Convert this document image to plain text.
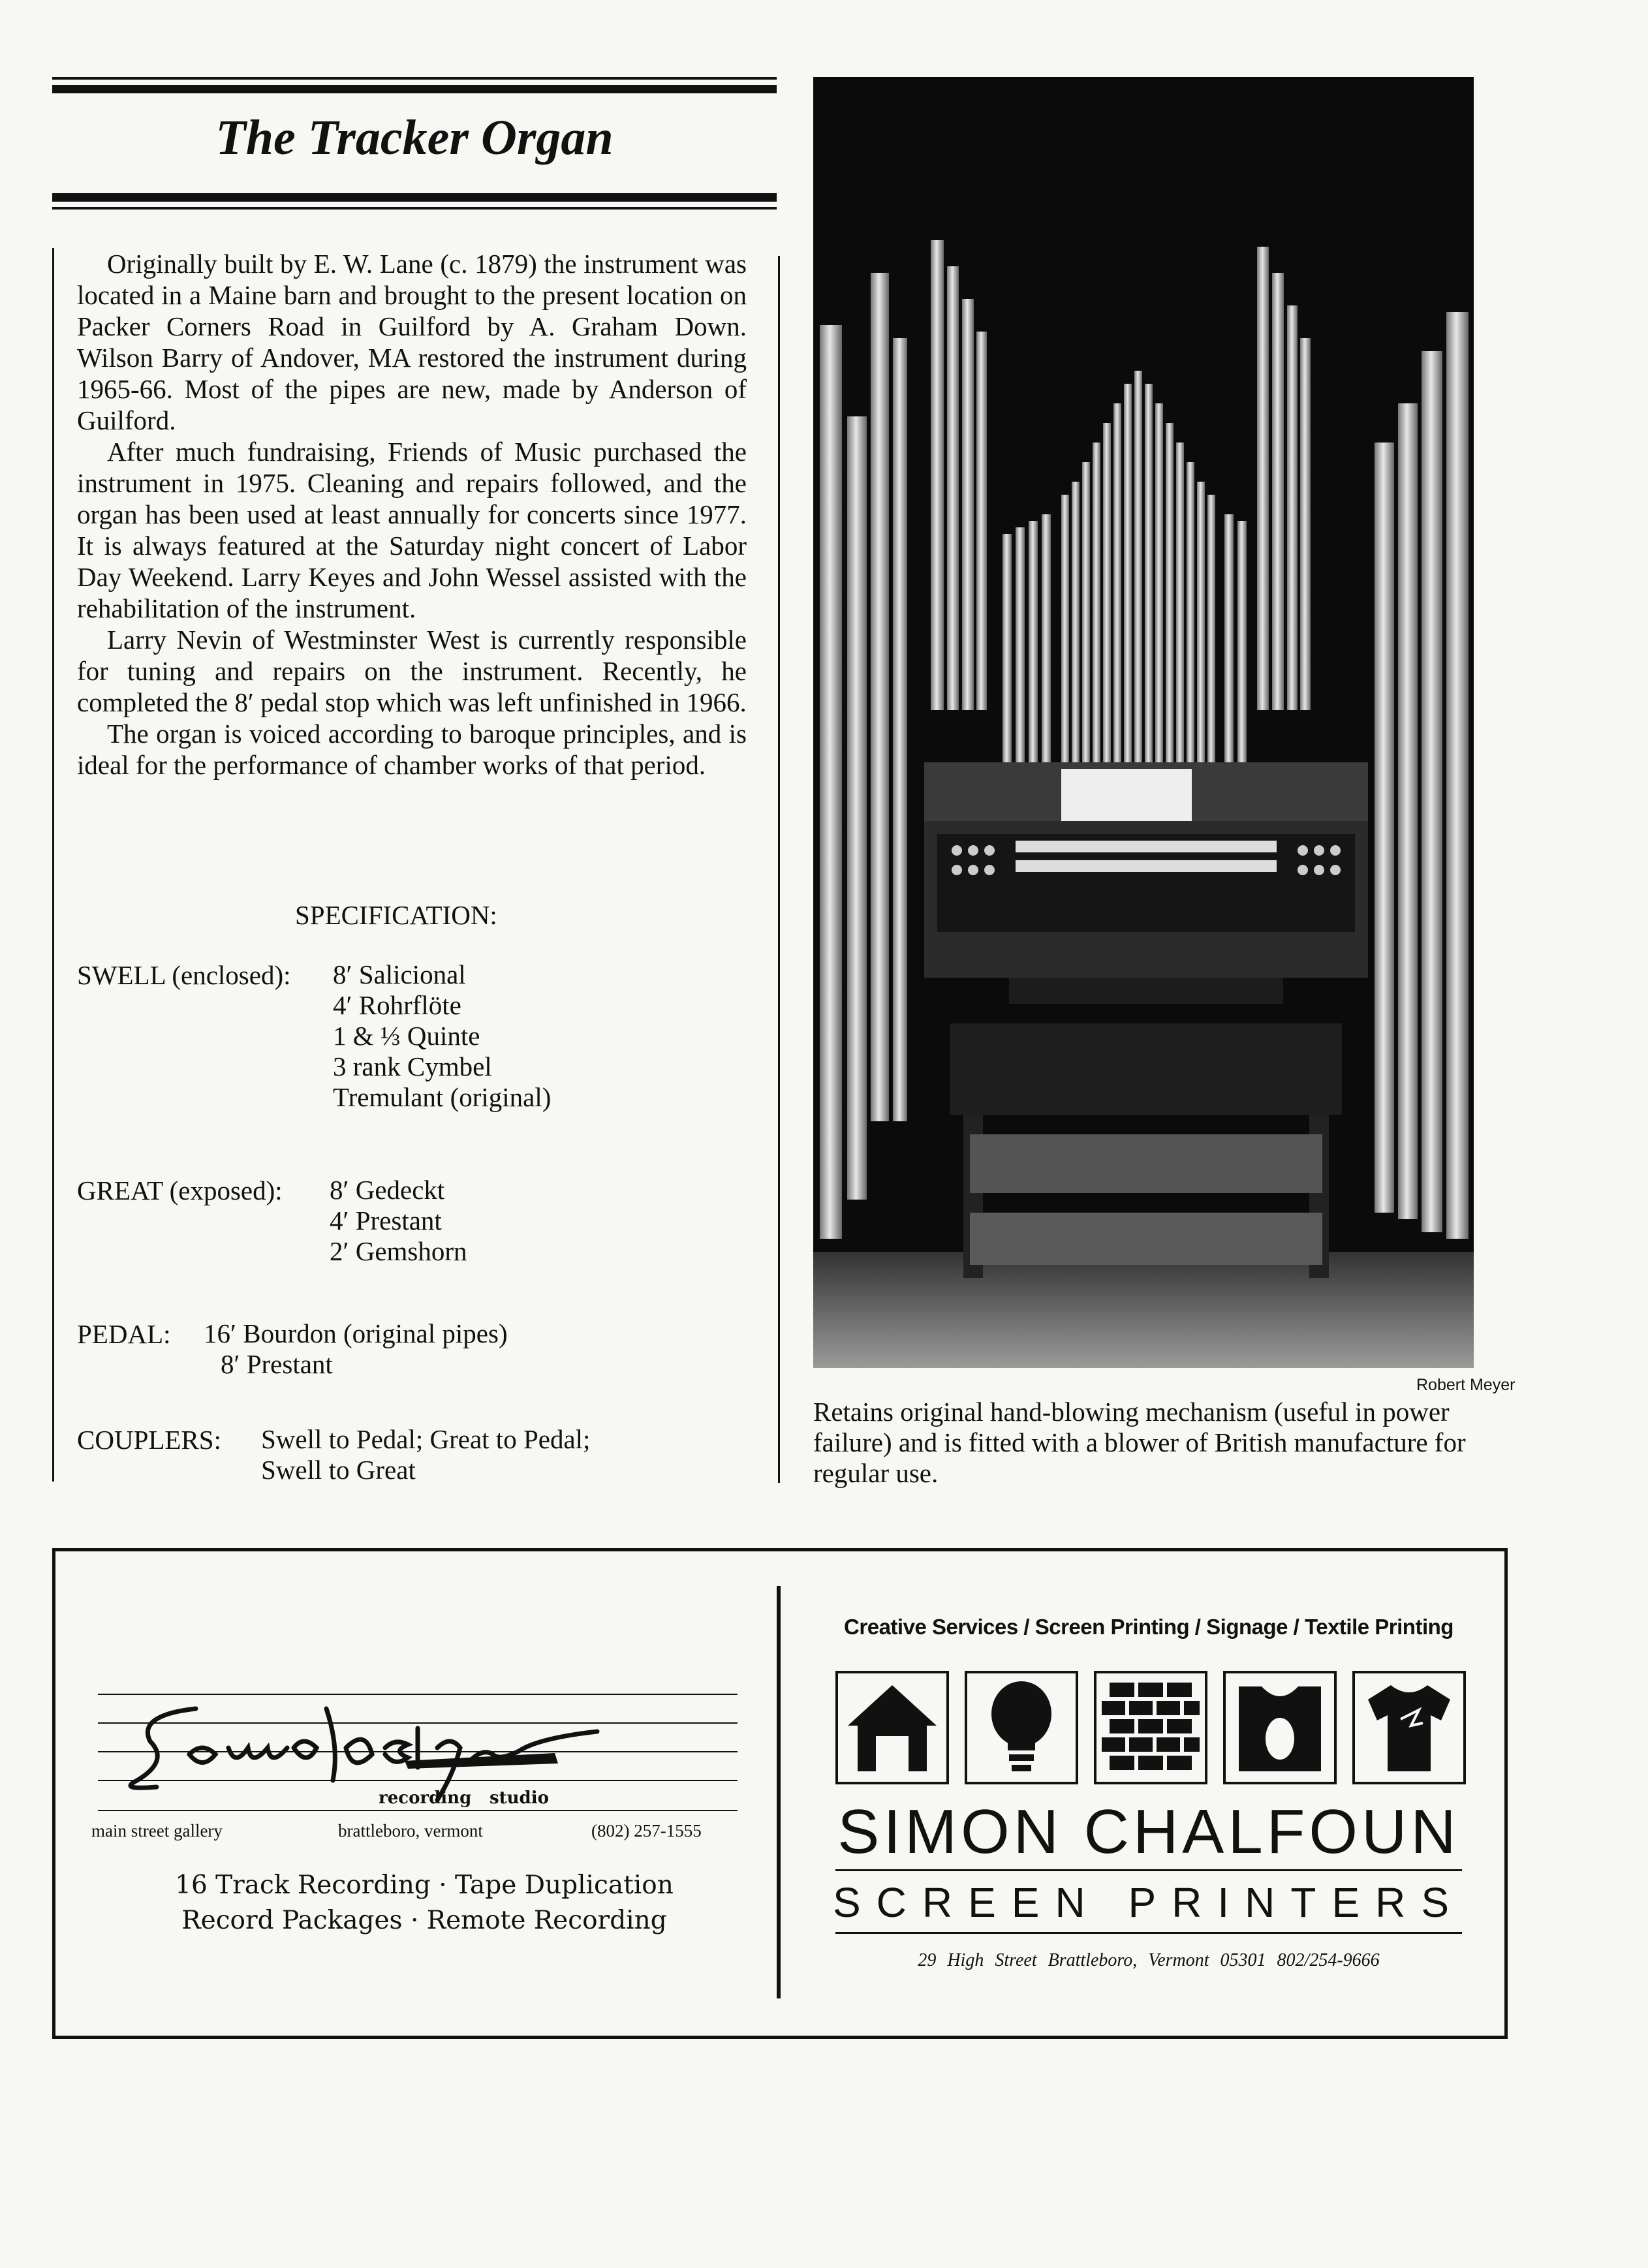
The Tracker Organ

Originally built by E. W. Lane (c. 1879) the instrument was located in a Maine barn and brought to the present location on Packer Corners Road in Guilford by A. Graham Down. Wilson Barry of Andover, MA restored the instrument during 1965-66. Most of the pipes are new, made by Anderson of Guilford.

After much fundraising, Friends of Music purchased the instrument in 1975. Cleaning and repairs followed, and the organ has been used at least annually for concerts since 1977. It is always featured at the Saturday night concert of Labor Day Weekend. Larry Keyes and John Wessel assisted with the rehabilitation of the instrument.

Larry Nevin of Westminster West is currently responsible for tuning and repairs on the instrument. Recently, he completed the 8′ pedal stop which was left unfinished in 1966.

The organ is voiced according to baroque principles, and is ideal for the performance of chamber works of that period.

SPECIFICATION:
SWELL (enclosed): 8′ Salicional
4′ Rohrflöte
1 & ⅓ Quinte
3 rank Cymbel
Tremulant (original)
GREAT (exposed): 8′ Gedeckt
4′ Prestant
2′ Gemshorn
PEDAL: 16′ Bourdon (original pipes)
8′ Prestant
COUPLERS: Swell to Pedal; Great to Pedal;
Swell to Great
Robert Meyer
Retains original hand-blowing mechanism (useful in power failure) and is fitted with a blower of British manufacture for regular use.
recording studio
main street gallery	brattleboro, vermont	(802) 257-1555
16 Track Recording · Tape Duplication
Record Packages · Remote Recording
Creative Services / Screen Printing / Signage / Textile Printing
SIMON CHALFOUN
SCREEN PRINTERS
29 High Street Brattleboro, Vermont 05301 802/254-9666
